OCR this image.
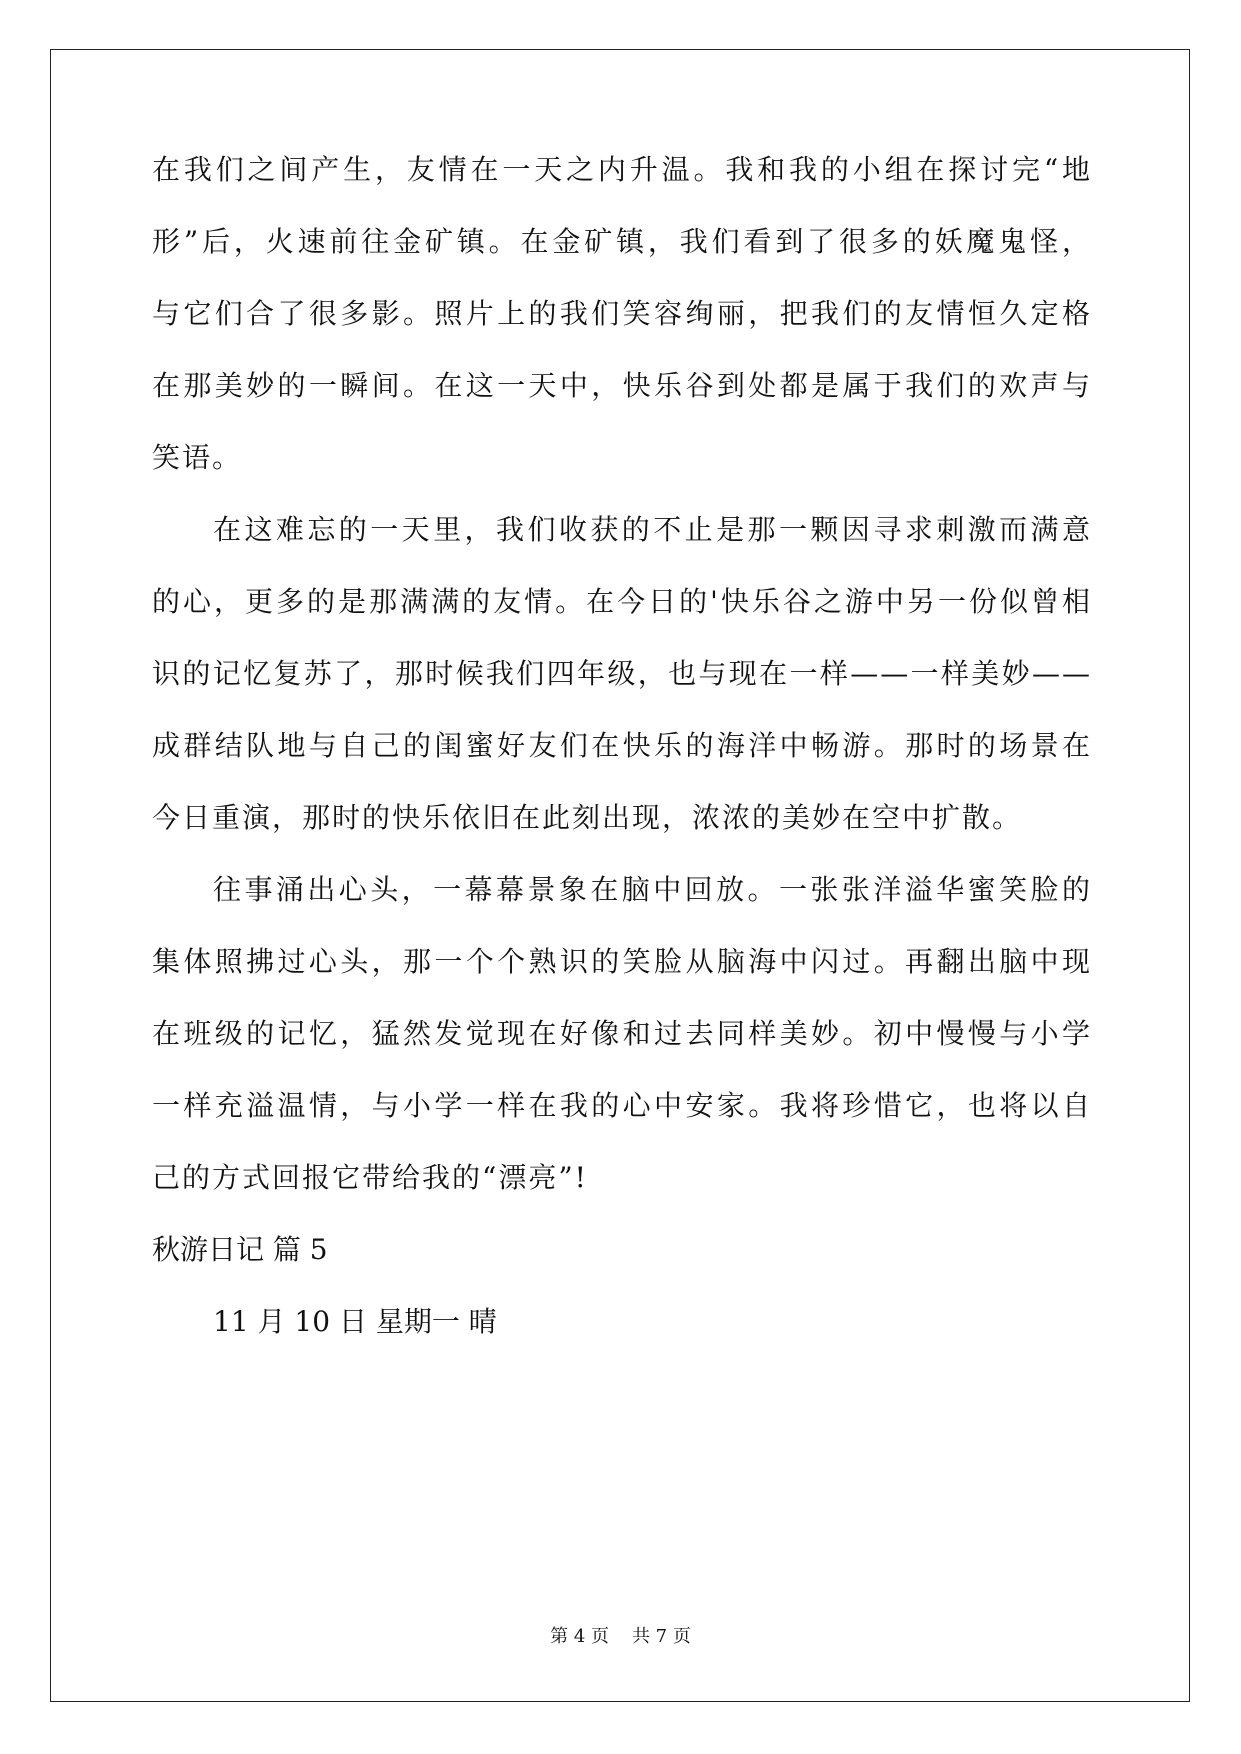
在我们之间产生，友情在一天之内升温。我和我的小组在探讨完“地
形”后，火速前往金矿镇。在金矿镇，我们看到了很多的妖魔鬼怪，
与它们合了很多影。照片上的我们笑容绚丽，把我们的友情恒久定格
在那美妙的一瞬间。在这一天中，快乐谷到处都是属于我们的欢声与
笑语。
在这难忘的一天里，我们收获的不止是那一颗因寻求刺激而满意
的心，更多的是那满满的友情。在今日的'快乐谷之游中另一份似曾相
识的记忆复苏了，那时候我们四年级，也与现在一样——一样美妙——
成群结队地与自己的闺蜜好友们在快乐的海洋中畅游。那时的场景在
今日重演，那时的快乐依旧在此刻出现，浓浓的美妙在空中扩散。
往事涌出心头，一幕幕景象在脑中回放。一张张洋溢华蜜笑脸的
集体照拂过心头，那一个个熟识的笑脸从脑海中闪过。再翻出脑中现
在班级的记忆，猛然发觉现在好像和过去同样美妙。初中慢慢与小学
一样充溢温情，与小学一样在我的心中安家。我将珍惜它，也将以自
己的方式回报它带给我的“漂亮”!
秋游日记 篇 5
11 月 10 日 星期一 晴
第 4 页    共 7 页
